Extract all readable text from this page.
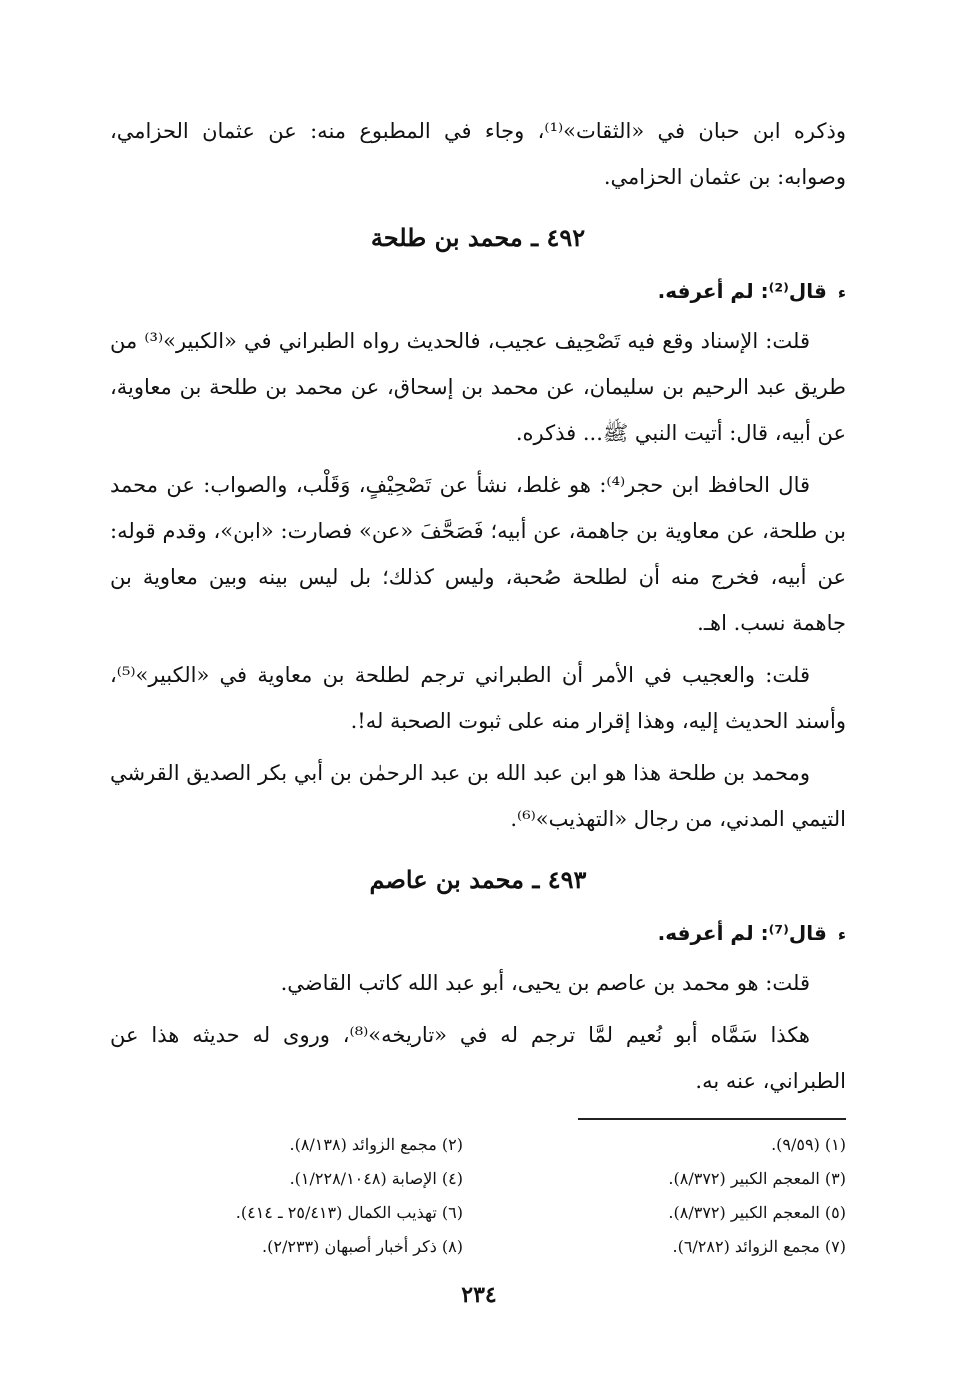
وذكره ابن حبان في «الثقات»⁽¹⁾، وجاء في المطبوع منه: عن عثمان الحزامي، وصوابه: بن عثمان الحزامي.

٤٩٢ ـ محمد بن طلحة
ء قال⁽²⁾: لم أعرفه.

قلت: الإسناد وقع فيه تَصْحِيف عجيب، فالحديث رواه الطبراني في «الكبير»⁽³⁾ من طريق عبد الرحيم بن سليمان، عن محمد بن إسحاق، عن محمد بن طلحة بن معاوية، عن أبيه، قال: أتيت النبي ﷺ... فذكره.

قال الحافظ ابن حجر⁽⁴⁾: هو غلط، نشأ عن تَصْحِيْفٍ، وَقَلْب، والصواب: عن محمد بن طلحة، عن معاوية بن جاهمة، عن أبيه؛ فَصَحَّفَ «عن» فصارت: «ابن»، وقدم قوله: عن أبيه، فخرج منه أن لطلحة صُحبة، وليس كذلك؛ بل ليس بينه وبين معاوية بن جاهمة نسب. اهـ.

قلت: والعجيب في الأمر أن الطبراني ترجم لطلحة بن معاوية في «الكبير»⁽⁵⁾، وأسند الحديث إليه، وهذا إقرار منه على ثبوت الصحبة له!.

ومحمد بن طلحة هذا هو ابن عبد الله بن عبد الرحمٰن بن أبي بكر الصديق القرشي التيمي المدني، من رجال «التهذيب»⁽⁶⁾.

٤٩٣ ـ محمد بن عاصم
ء قال⁽⁷⁾: لم أعرفه.

قلت: هو محمد بن عاصم بن يحيى، أبو عبد الله كاتب القاضي.

هكذا سَمَّاه أبو نُعيم لمَّا ترجم له في «تاريخه»⁽⁸⁾، وروى له حديثه هذا عن الطبراني، عنه به.

(١) (٩/٥٩).
(٢) مجمع الزوائد (٨/١٣٨).
(٣) المعجم الكبير (٨/٣٧٢).
(٤) الإصابة (١/٢٢٨/١٠٤٨).
(٥) المعجم الكبير (٨/٣٧٢).
(٦) تهذيب الكمال (٢٥/٤١٣ ـ ٤١٤).
(٧) مجمع الزوائد (٦/٢٨٢).
(٨) ذكر أخبار أصبهان (٢/٢٣٣).
٢٣٤
